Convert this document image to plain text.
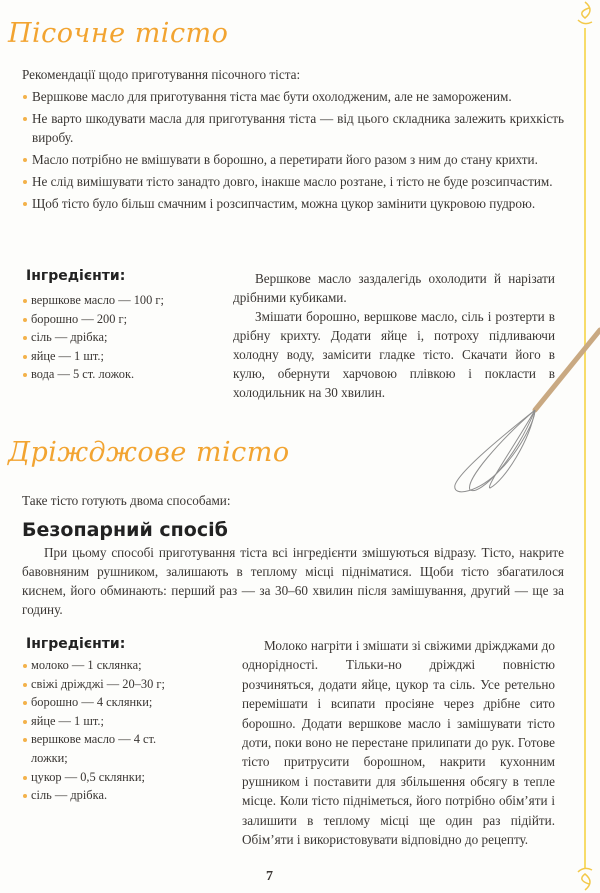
Пісочне тісто

Рекомендації щодо приготування пісочного тіста:

Вершкове масло для приготування тіста має бути охолодженим, але не замороженим.
Не варто шкодувати масла для приготування тіста — від цього складника залежить крихкість виробу.
Масло потрібно не вмішувати в борошно, а перетирати його разом з ним до стану крихти.
Не слід вимішувати тісто занадто довго, інакше масло розтане, і тісто не буде розсипчастим.
Щоб тісто було більш смачним і розсипчастим, можна цукор замінити цукровою пудрою.
Інгредієнти:
вершкове масло — 100 г;
борошно — 200 г;
сіль — дрібка;
яйце — 1 шт.;
вода — 5 ст. ложок.

Вершкове масло заздалегідь охолодити й нарізати дрібними кубиками.

Змішати борошно, вершкове масло, сіль і розтерти в дрібну крихту. Додати яйце і, потроху підливаючи холодну воду, замісити гладке тісто. Скачати його в кулю, обернути харчовою плівкою і покласти в холодильник на 30 хвилин.

Дріжджове тісто
Таке тісто готують двома способами:
Безопарний спосіб

При цьому способі приготування тіста всі інгредієнти змішуються відразу. Тісто, накрите бавовняним рушником, залишають в теплому місці підніматися. Щоби тісто збагатилося киснем, його обминають: перший раз — за 30–60 хвилин після замішування, другий — ще за годину.

Інгредієнти:
молоко — 1 склянка;
свіжі дріжджі — 20–30 г;
борошно — 4 склянки;
яйце — 1 шт.;
вершкове масло — 4 ст. ложки;
цукор — 0,5 склянки;
сіль — дрібка.

Молоко нагріти і змішати зі свіжими дріжджами до однорідності. Тільки-но дріжджі повністю розчиняться, додати яйце, цукор та сіль. Усе ретельно перемішати і всипати просіяне через дрібне сито борошно. Додати вершкове масло і замішувати тісто доти, поки воно не перестане прилипати до рук. Готове тісто притрусити борошном, накрити кухонним рушником і поставити для збільшення обсягу в тепле місце. Коли тісто підніметься, його потрібно обім’яти і залишити в теплому місці ще один раз підійти. Обім’яти і використовувати відповідно до рецепту.

7
